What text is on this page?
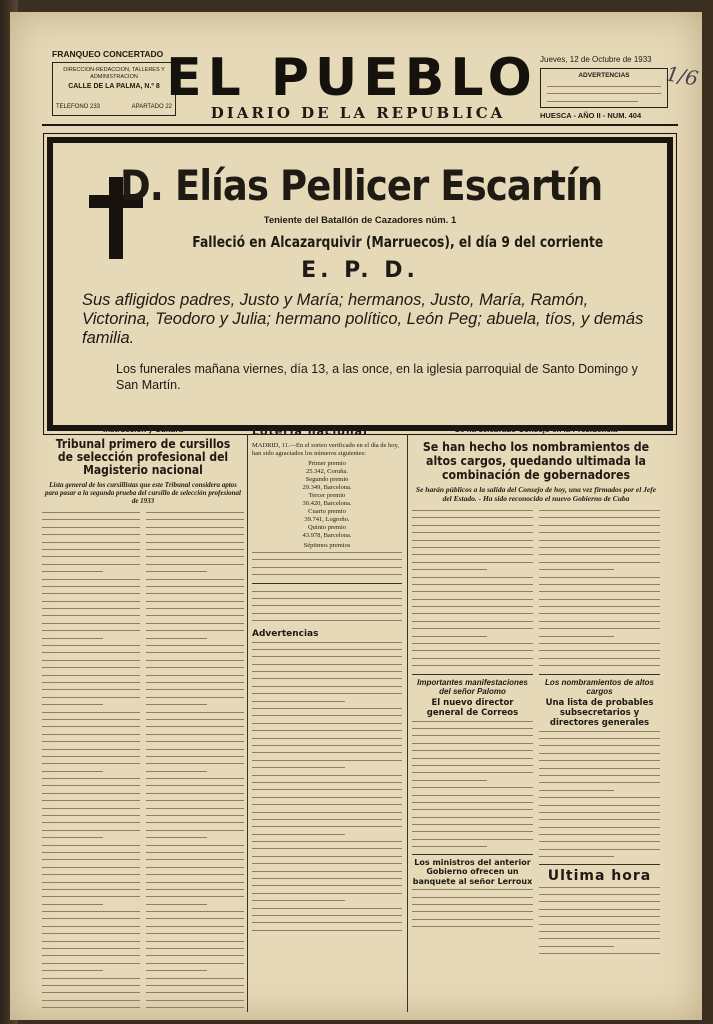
FRANQUEO CONCERTADO
DIRECCION-REDACCION, TALLERES Y ADMINISTRACION
CALLE DE LA PALMA, N.º 8
TELEFONO 233	APARTADO 22
EL PUEBLO
DIARIO DE LA REPUBLICA
Jueves, 12 de Octubre de 1933
ADVERTENCIAS
HUESCA - AÑO II - NUM. 404
1/6
D. Elías Pellicer Escartín
Teniente del Batallón de Cazadores núm. 1
Falleció en Alcazarquivir (Marruecos), el día 9 del corriente
E. P. D.
Sus afligidos padres, Justo y María; hermanos, Justo, María, Ramón, Victorina, Teodoro y Julia; hermano político, León Peg; abuela, tíos, y demás familia.
Los funerales mañana viernes, día 13, a las once, en la iglesia parroquial de Santo Domingo y San Martín.
Instrucción y Cultura
Tribunal primero de cursillos de selección profesional del Magisterio nacional
Lista general de los cursillistas que este Tribunal considera aptos para pasar a la segunda prueba del cursillo de selección profesional de 1933
Lotería nacional
MADRID, 11.—En el sorteo verificado en el día de hoy, han sido agraciados los números siguientes:
Primer premio
25.342, Coruña.
Segundo premio
29.349, Barcelona.
Tercer premio
30.420, Barcelona.
Cuarto premio
39.741, Logroño.
Quinto premio
43.978, Barcelona.
Séptimos premios
Advertencias
Se ha celebrado Consejo en la Presidencia
Se han hecho los nombramientos de altos cargos, quedando ultimada la combinación de gobernadores
Se harán públicos a la salida del Consejo de hoy, una vez firmados por el Jefe del Estado. - Ha sido reconocido el nuevo Gobierno de Cuba
Importantes manifestaciones del señor Palomo
El nuevo director general de Correos
Los ministros del anterior Gobierno ofrecen un banquete al señor Lerroux
Los nombramientos de altos cargos
Una lista de probables subsecretarios y directores generales
Ultima hora
